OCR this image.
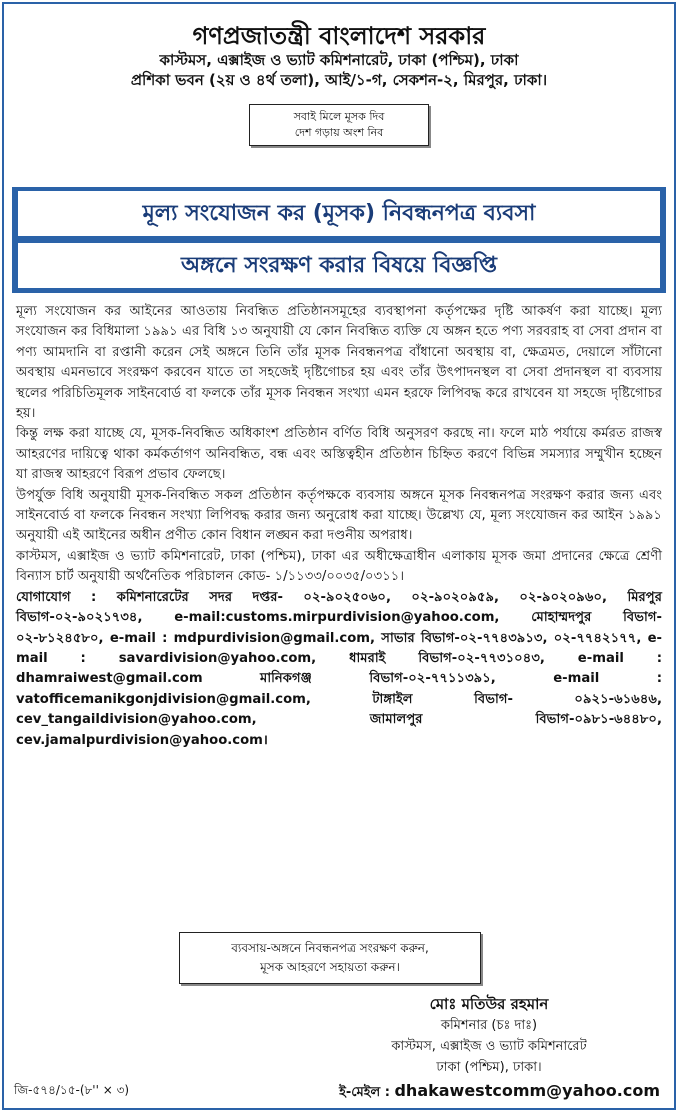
গণপ্রজাতন্ত্রী বাংলাদেশ সরকার
কাস্টমস, এক্সাইজ ও ভ্যাট কমিশনারেট, ঢাকা (পশ্চিম), ঢাকা
প্রশিকা ভবন (২য় ও ৪র্থ তলা), আই/১-গ, সেকশন-২, মিরপুর, ঢাকা।
সবাই মিলে মূসক দিব
দেশ গড়ায় অংশ নিব
মূল্য সংযোজন কর (মূসক) নিবন্ধনপত্র ব্যবসা
অঙ্গনে সংরক্ষণ করার বিষয়ে বিজ্ঞপ্তি

মূল্য সংযোজন কর আইনের আওতায় নিবন্ধিত প্রতিষ্ঠানসমূহের ব্যবস্থাপনা কর্তৃপক্ষের দৃষ্টি আকর্ষণ করা যাচ্ছে। মূল্য সংযোজন কর বিধিমালা ১৯৯১ এর বিধি ১৩ অনুযায়ী যে কোন নিবন্ধিত ব্যক্তি যে অঙ্গন হতে পণ্য সরবরাহ বা সেবা প্রদান বা পণ্য আমদানি বা রপ্তানী করেন সেই অঙ্গনে তিনি তাঁর মূসক নিবন্ধনপত্র বাঁধানো অবস্থায় বা, ক্ষেত্রমত, দেয়ালে সাঁটানো অবস্থায় এমনভাবে সংরক্ষণ করবেন যাতে তা সহজেই দৃষ্টিগোচর হয় এবং তাঁর উৎপাদনস্থল বা সেবা প্রদানস্থল বা ব্যবসায় স্থলের পরিচিতিমূলক সাইনবোর্ড বা ফলকে তাঁর মূসক নিবন্ধন সংখ্যা এমন হরফে লিপিবদ্ধ করে রাখবেন যা সহজে দৃষ্টিগোচর হয়।

কিন্তু লক্ষ করা যাচ্ছে যে, মূসক-নিবন্ধিত অধিকাংশ প্রতিষ্ঠান বর্ণিত বিধি অনুসরণ করছে না। ফলে মাঠ পর্যায়ে কর্মরত রাজস্ব আহরণের দায়িত্বে থাকা কর্মকর্তাগণ অনিবন্ধিত, বন্ধ এবং অস্তিত্বহীন প্রতিষ্ঠান চিহ্নিত করণে বিভিন্ন সমস্যার সম্মুখীন হচ্ছেন যা রাজস্ব আহরণে বিরূপ প্রভাব ফেলছে।

উপর্যুক্ত বিধি অনুযায়ী মূসক-নিবন্ধিত সকল প্রতিষ্ঠান কর্তৃপক্ষকে ব্যবসায় অঙ্গনে মূসক নিবন্ধনপত্র সংরক্ষণ করার জন্য এবং সাইনবোর্ড বা ফলকে নিবন্ধন সংখ্যা লিপিবদ্ধ করার জন্য অনুরোধ করা যাচ্ছে। উল্লেখ্য যে, মূল্য সংযোজন কর আইন ১৯৯১ অনুযায়ী এই আইনের অধীন প্রণীত কোন বিধান লঙ্ঘন করা দণ্ডনীয় অপরাধ।

কাস্টমস, এক্সাইজ ও ভ্যাট কমিশনারেট, ঢাকা (পশ্চিম), ঢাকা এর অধীক্ষেত্রাধীন এলাকায় মূসক জমা প্রদানের ক্ষেত্রে শ্রেণী বিন্যাস চার্ট অনুযায়ী অর্থনৈতিক পরিচালন কোড- ১/১১৩৩/০০৩৫/০৩১১।

যোগাযোগ : কমিশনারেটের সদর দপ্তর- ০২-৯০২৫০৬০, ০২-৯০২০৯৫৯, ০২-৯০২০৯৬০, মিরপুর বিভাগ-০২-৯০২১৭৩৪, e-mail:customs.mirpurdivision@yahoo.com, মোহাম্মদপুর বিভাগ- ০২-৮১২৪৫৮০, e-mail : mdpurdivision@gmail.com, সাভার বিভাগ-০২-৭৭৪৩৯১৩, ০২-৭৭৪২১৭৭, e-mail : savardivision@yahoo.com, ধামরাই বিভাগ-০২-৭৭৩১০৪৩, e-mail : dhamraiwest@gmail.com	মানিকগঞ্জ বিভাগ-০২-৭৭১১৩৯১,	e-mail : vatofficemanikgonjdivision@gmail.com,	টাঙ্গাইল বিভাগ- ০৯২১-৬১৬৪৬, cev_tangaildivision@yahoo.com,	জামালপুর বিভাগ-০৯৮১-৬৪৪৮০, cev.jamalpurdivision@yahoo.com।

ব্যবসায়-অঙ্গনে নিবন্ধনপত্র সংরক্ষণ করুন,
মূসক আহরণে সহায়তা করুন।
মোঃ মতিউর রহমান
কমিশনার (চঃ দাঃ)
কাস্টমস, এক্সাইজ ও ভ্যাট কমিশনারেট
ঢাকা (পশ্চিম), ঢাকা।
জি-৫৭৪/১৫-(৮'' × ৩)	ই-মেইল : dhakawestcomm@yahoo.com
